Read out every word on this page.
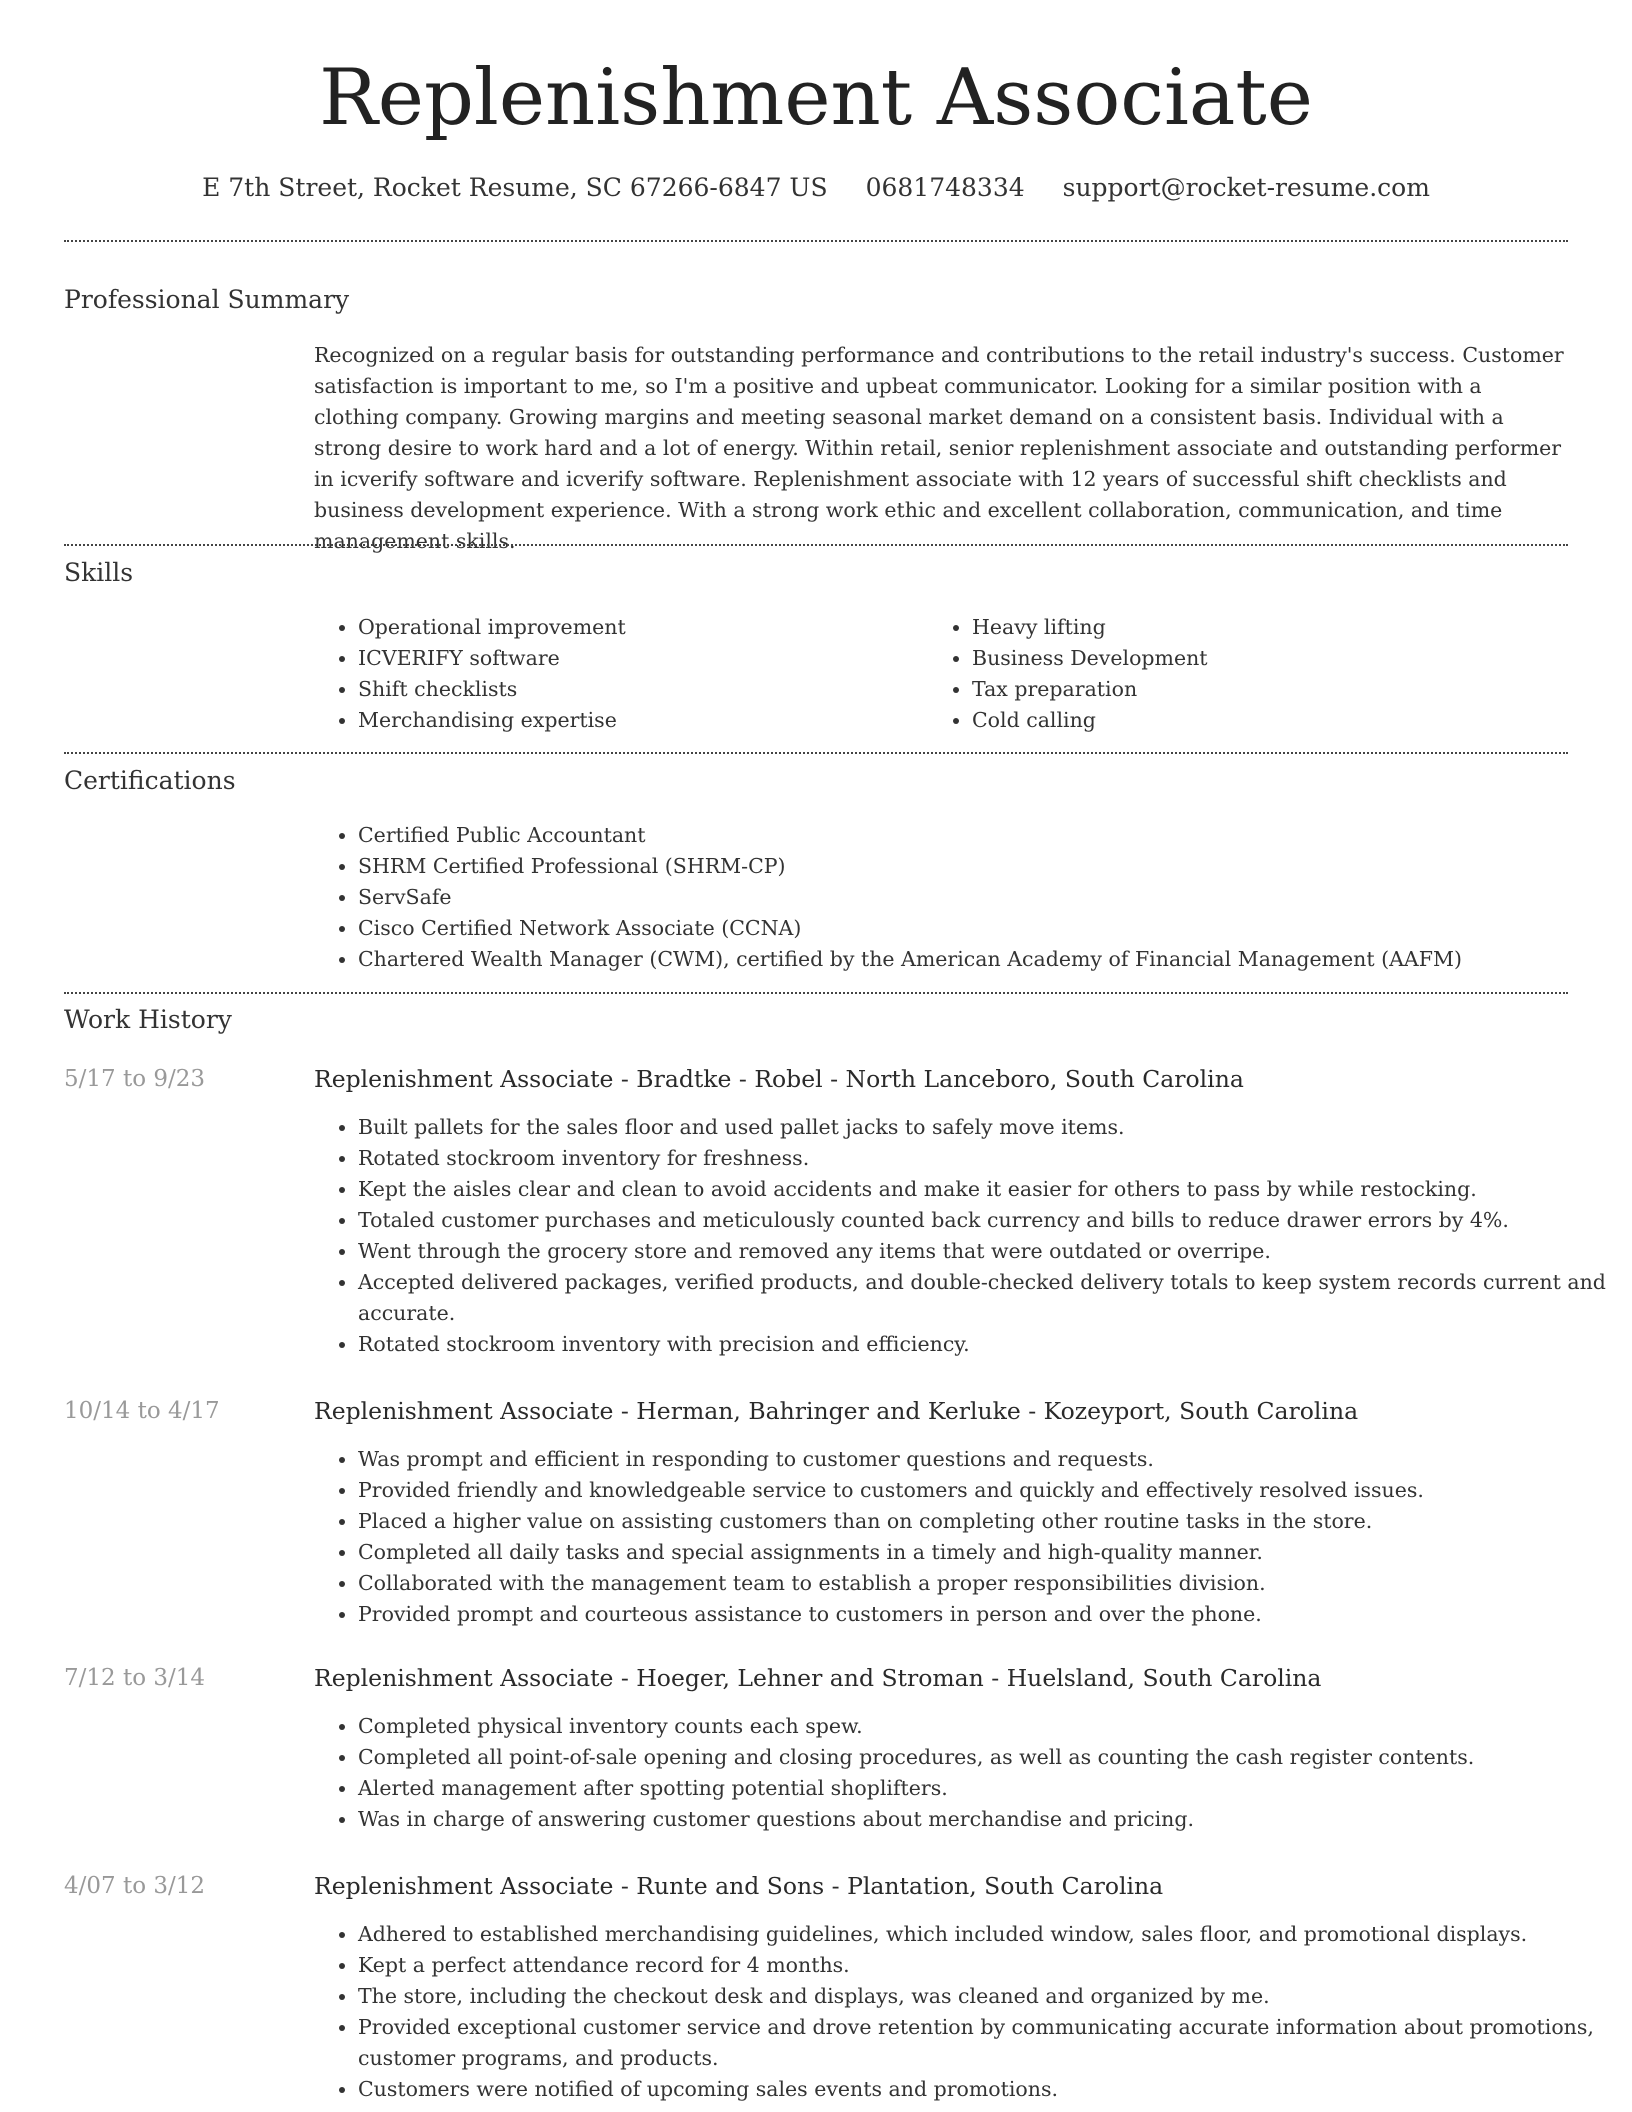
Replenishment Associate
E 7th Street, Rocket Resume, SC 67266-6847 US 0681748334 support@rocket-resume.com
Professional Summary

Recognized on a regular basis for outstanding performance and contributions to the retail industry's success. Customer satisfaction is important to me, so I'm a positive and upbeat communicator. Looking for a similar position with a clothing company. Growing margins and meeting seasonal market demand on a consistent basis. Individual with a strong desire to work hard and a lot of energy. Within retail, senior replenishment associate and outstanding performer in icverify software and icverify software. Replenishment associate with 12 years of successful shift checklists and business development experience. With a strong work ethic and excellent collaboration, communication, and time management skills.

Skills
• Operational improvement
• ICVERIFY software
• Shift checklists
• Merchandising expertise
• Heavy lifting
• Business Development
• Tax preparation
• Cold calling
Certifications
• Certified Public Accountant
• SHRM Certified Professional (SHRM-CP)
• ServSafe
• Cisco Certified Network Associate (CCNA)
• Chartered Wealth Manager (CWM), certified by the American Academy of Financial Management (AAFM)
Work History
5/17 to 9/23	Replenishment Associate - Bradtke - Robel - North Lanceboro, South Carolina
• Built pallets for the sales floor and used pallet jacks to safely move items.
• Rotated stockroom inventory for freshness.
• Kept the aisles clear and clean to avoid accidents and make it easier for others to pass by while restocking.
• Totaled customer purchases and meticulously counted back currency and bills to reduce drawer errors by 4%.
• Went through the grocery store and removed any items that were outdated or overripe.
• Accepted delivered packages, verified products, and double-checked delivery totals to keep system records current and accurate.
• Rotated stockroom inventory with precision and efficiency.
10/14 to 4/17	Replenishment Associate - Herman, Bahringer and Kerluke - Kozeyport, South Carolina
• Was prompt and efficient in responding to customer questions and requests.
• Provided friendly and knowledgeable service to customers and quickly and effectively resolved issues.
• Placed a higher value on assisting customers than on completing other routine tasks in the store.
• Completed all daily tasks and special assignments in a timely and high-quality manner.
• Collaborated with the management team to establish a proper responsibilities division.
• Provided prompt and courteous assistance to customers in person and over the phone.
7/12 to 3/14	Replenishment Associate - Hoeger, Lehner and Stroman - Huelsland, South Carolina
• Completed physical inventory counts each spew.
• Completed all point-of-sale opening and closing procedures, as well as counting the cash register contents.
• Alerted management after spotting potential shoplifters.
• Was in charge of answering customer questions about merchandise and pricing.
4/07 to 3/12	Replenishment Associate - Runte and Sons - Plantation, South Carolina
• Adhered to established merchandising guidelines, which included window, sales floor, and promotional displays.
• Kept a perfect attendance record for 4 months.
• The store, including the checkout desk and displays, was cleaned and organized by me.
• Provided exceptional customer service and drove retention by communicating accurate information about promotions, customer programs, and products.
• Customers were notified of upcoming sales events and promotions.
